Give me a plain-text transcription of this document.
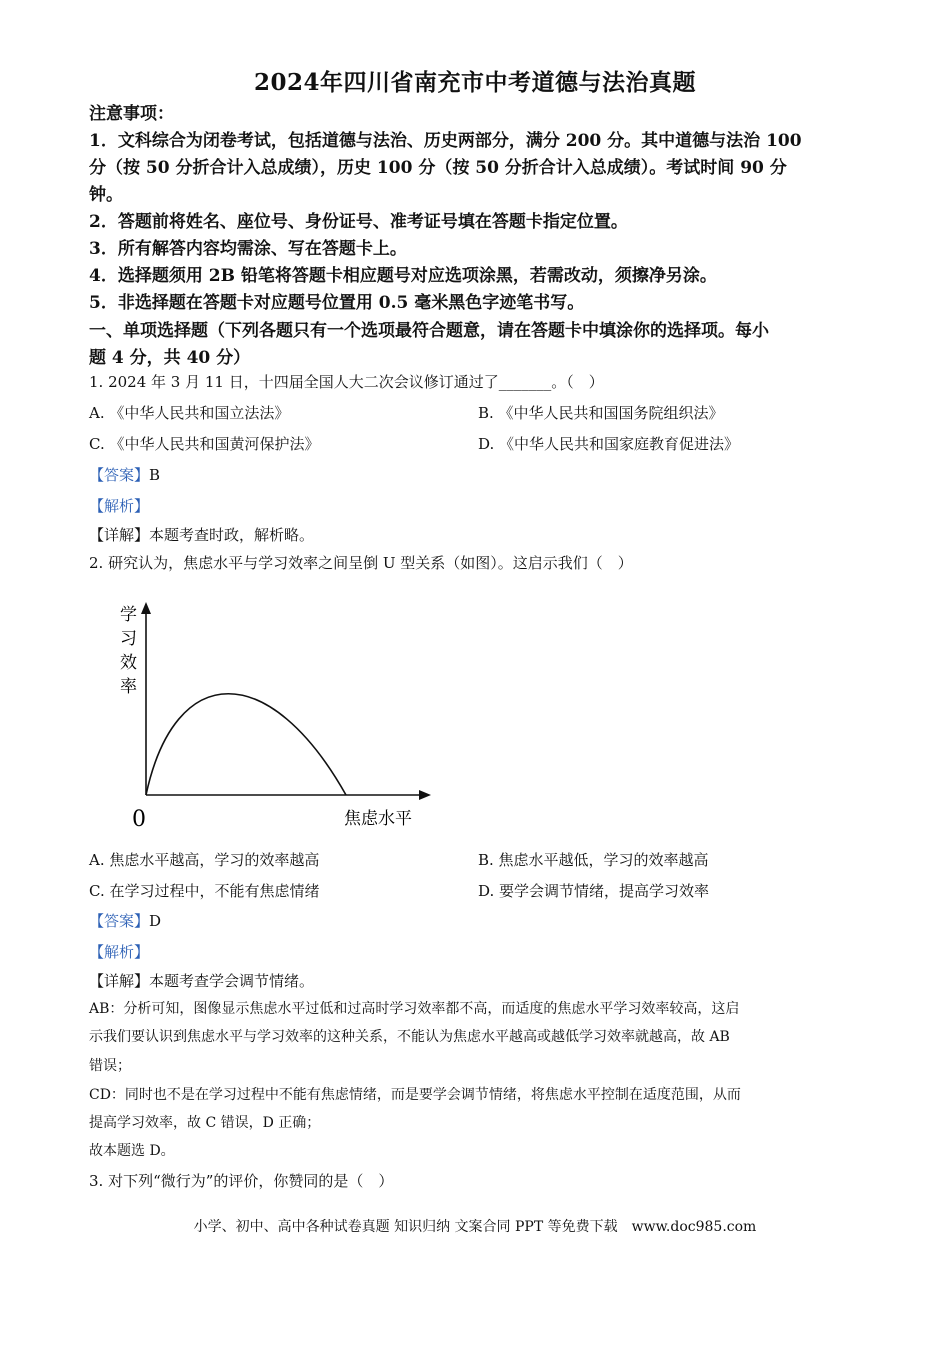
2024年四川省南充市中考道德与法治真题
注意事项：
1．文科综合为闭卷考试，包括道德与法治、历史两部分，满分 200 分。其中道德与法治 100
分（按 50 分折合计入总成绩），历史 100 分（按 50 分折合计入总成绩）。考试时间 90 分
钟。
2．答题前将姓名、座位号、身份证号、准考证号填在答题卡指定位置。
3．所有解答内容均需涂、写在答题卡上。
4．选择题须用 2B 铅笔将答题卡相应题号对应选项涂黑，若需改动，须擦净另涂。
5．非选择题在答题卡对应题号位置用 0.5 毫米黑色字迹笔书写。
一、单项选择题（下列各题只有一个选项最符合题意，请在答题卡中填涂你的选择项。每小
题 4 分，共 40 分）
1. 2024 年 3 月 11 日，十四届全国人大二次会议修订通过了_______。（　）
A. 《中华人民共和国立法法》	B. 《中华人民共和国国务院组织法》
C. 《中华人民共和国黄河保护法》	D. 《中华人民共和国家庭教育促进法》
【答案】B
【解析】
【详解】本题考查时政，解析略。
2. 研究认为，焦虑水平与学习效率之间呈倒 U 型关系（如图）。这启示我们（　）
学
习
效
率
0	焦虑水平
A. 焦虑水平越高，学习的效率越高	B. 焦虑水平越低，学习的效率越高
C. 在学习过程中，不能有焦虑情绪	D. 要学会调节情绪，提高学习效率
【答案】D
【解析】
【详解】本题考查学会调节情绪。
AB：分析可知，图像显示焦虑水平过低和过高时学习效率都不高，而适度的焦虑水平学习效率较高，这启
示我们要认识到焦虑水平与学习效率的这种关系，不能认为焦虑水平越高或越低学习效率就越高，故 AB
错误；
CD：同时也不是在学习过程中不能有焦虑情绪，而是要学会调节情绪，将焦虑水平控制在适度范围，从而
提高学习效率，故 C 错误，D 正确；
故本题选 D。
3. 对下列“微行为”的评价，你赞同的是（　）
小学、初中、高中各种试卷真题 知识归纳 文案合同 PPT 等免费下载　www.doc985.com
